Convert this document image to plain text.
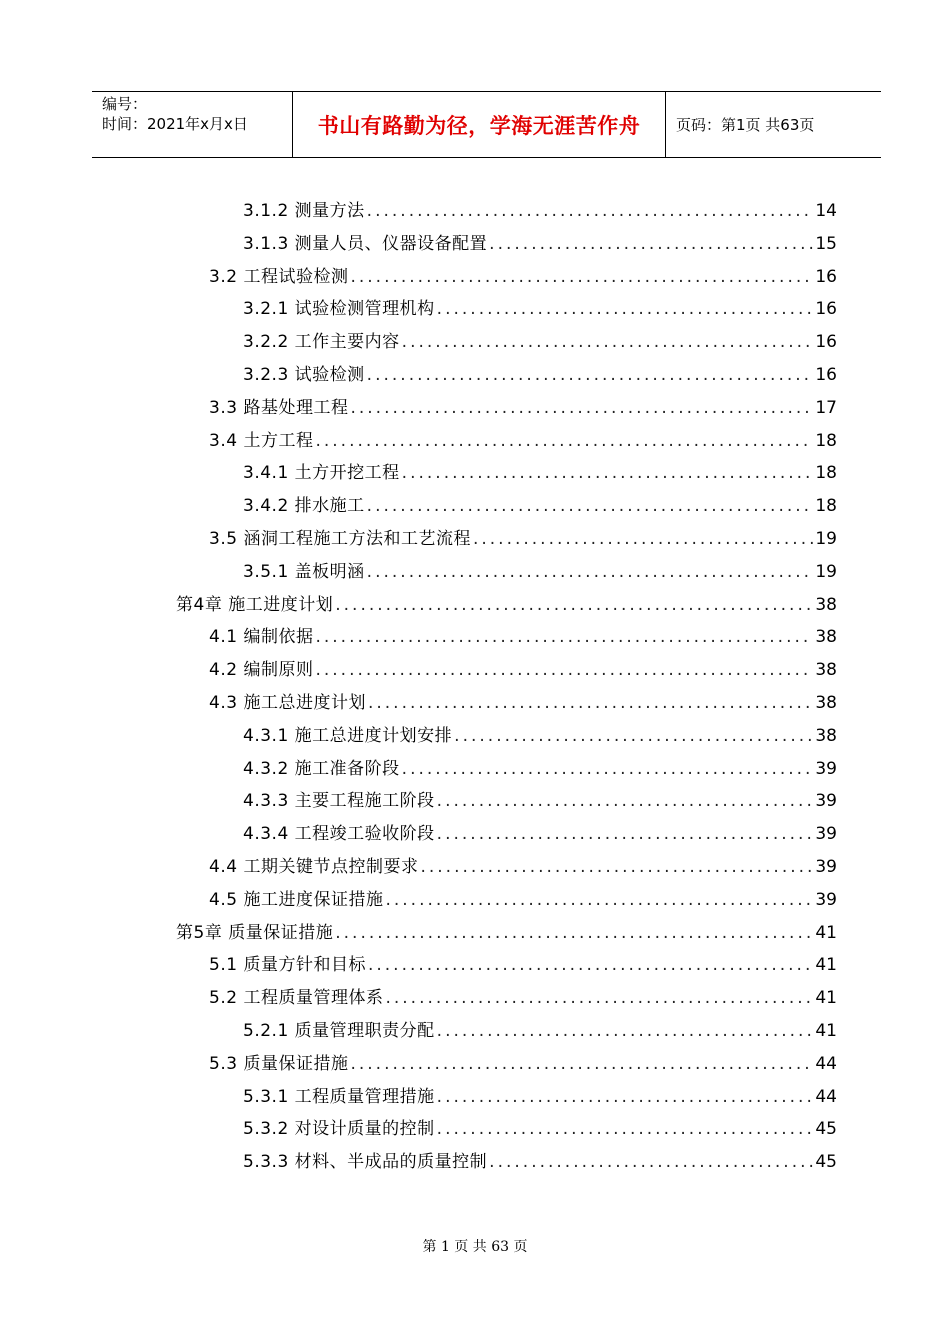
编号：
时间：2021年x月x日	书山有路勤为径，学海无涯苦作舟	页码：第1页 共63页
3.1.2 测量方法 .....	14
3.1.3 测量人员、仪器设备配置 .....	15
3.2 工程试验检测 .....	16
3.2.1 试验检测管理机构 .....	16
3.2.2 工作主要内容 .....	16
3.2.3 试验检测 .....	16
3.3 路基处理工程 .....	17
3.4 土方工程 .....	18
3.4.1 土方开挖工程 .....	18
3.4.2 排水施工 .....	18
3.5 涵洞工程施工方法和工艺流程 .....	19
3.5.1 盖板明涵 .....	19
第4章 施工进度计划 .....	38
4.1 编制依据 .....	38
4.2 编制原则 .....	38
4.3 施工总进度计划 .....	38
4.3.1 施工总进度计划安排 .....	38
4.3.2 施工准备阶段 .....	39
4.3.3 主要工程施工阶段 .....	39
4.3.4 工程竣工验收阶段 .....	39
4.4 工期关键节点控制要求 .....	39
4.5 施工进度保证措施 .....	39
第5章 质量保证措施 .....	41
5.1 质量方针和目标 .....	41
5.2 工程质量管理体系 .....	41
5.2.1 质量管理职责分配 .....	41
5.3 质量保证措施 .....	44
5.3.1 工程质量管理措施 .....	44
5.3.2 对设计质量的控制 .....	45
5.3.3 材料、半成品的质量控制 .....	45
第 1 页 共 63 页
